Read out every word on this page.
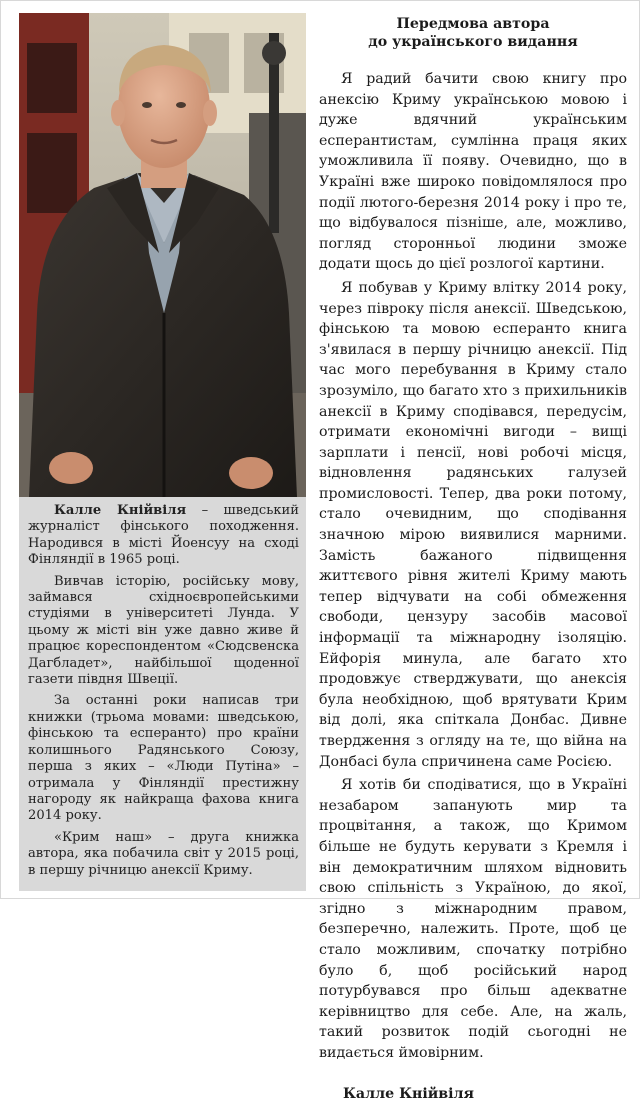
Калле Кнійвіля – шведський журналіст фінського походження. Народився в місті Йоенсуу на сході Фінляндії в 1965 році.

Вивчав історію, російську мову, займався східноєвропейськими студіями в університеті Лунда. У цьому ж місті він уже давно живе й працює кореспондентом «Сюдсвенска Дагбладет», найбільшої щоденної газети півдня Швеції.

За останні роки написав три книжки (трьома мовами: шведською, фінською та есперанто) про країни колишнього Радянського Союзу, перша з яких – «Люди Путіна» – отримала у Фінляндії престижну нагороду як найкраща фахова книга 2014 року.

«Крим наш» – друга книжка автора, яка побачила світ у 2015 році, в першу річницю анексії Криму.

Передмова автора
до українського видання

Я радий бачити свою книгу про анексію Криму українською мовою і дуже вдячний українським есперантистам, сумлінна праця яких уможливила її появу. Очевидно, що в Україні вже широко повідомлялося про події лютого-березня 2014 року і про те, що відбувалося пізніше, але, можливо, погляд сторонньої людини зможе додати щось до цієї розлогої картини.

Я побував у Криму влітку 2014 року, через півроку після анексії. Шведською, фінською та мовою есперанто книга з'явилася в першу річницю анексії. Під час мого перебування в Криму стало зрозуміло, що багато хто з прихильників анексії в Криму сподівався, передусім, отримати економічні вигоди – вищі зарплати і пенсії, нові робочі місця, відновлення радянських галузей промисловості. Тепер, два роки потому, стало очевидним, що сподівання значною мірою виявилися марними. Замість бажаного підвищення життєвого рівня жителі Криму мають тепер відчувати на собі обмеження свободи, цензуру засобів масової інформації та міжнародну ізоляцію. Ейфорія минула, але багато хто продовжує стверджувати, що анексія була необхідною, щоб врятувати Крим від долі, яка спіткала Донбас. Дивне твердження з огляду на те, що війна на Донбасі була спричинена саме Росією.

Я хотів би сподіватися, що в Україні незабаром запанують мир та процвітання, а також, що Кримом більше не будуть керувати з Кремля і він демократичним шляхом відновить свою спільність з Україною, до якої, згідно з міжнародним правом, безперечно, належить. Проте, щоб це стало можливим, спочатку потрібно було б, щоб російський народ потурбувався про більш адекватне керівництво для себе. Але, на жаль, такий розвиток подій сьогодні не видається ймовірним.

Калле Кнійвіля
